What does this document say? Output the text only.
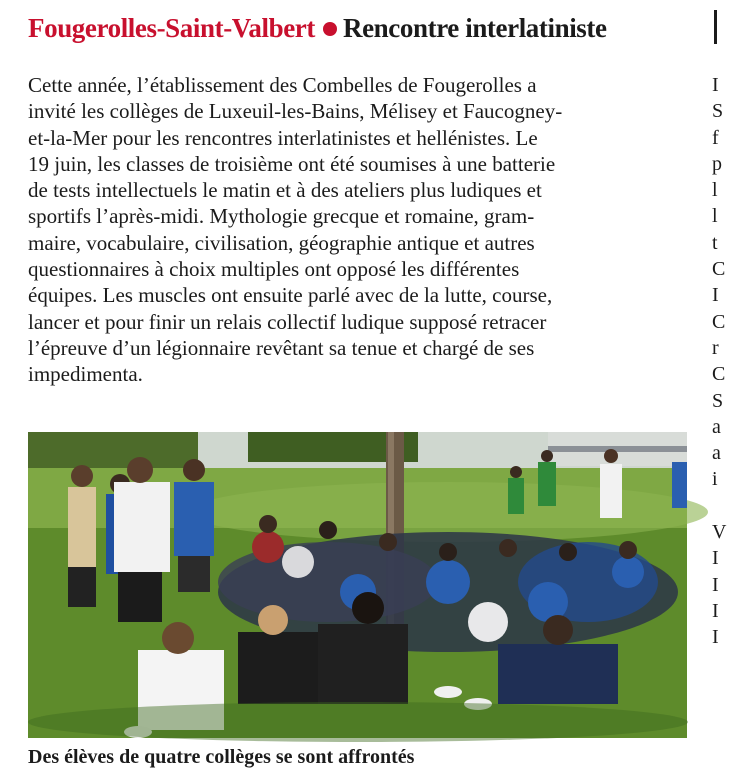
Fougerolles-Saint-Valbert Rencontre interlatiniste
I
S
f
p
l
l
t
C
I
C
r
C
S
a
a
i
V
I
I
I
I
Cette année, l’établissement des Combelles de Fougerolles a
invité les collèges de Luxeuil-les-Bains, Mélisey et Faucogney-
et-la-Mer pour les rencontres interlatinistes et hellénistes. Le
19 juin, les classes de troisième ont été soumises à une batterie
de tests intellectuels le matin et à des ateliers plus ludiques et
sportifs l’après-midi. Mythologie grecque et romaine, gram-
maire, vocabulaire, civilisation, géographie antique et autres
questionnaires à choix multiples ont opposé les différentes
équipes. Les muscles ont ensuite parlé avec de la lutte, course,
lancer et pour finir un relais collectif ludique supposé retracer
l’épreuve d’un légionnaire revêtant sa tenue et chargé de ses
impedimenta.
Des élèves de quatre collèges se sont affrontés
